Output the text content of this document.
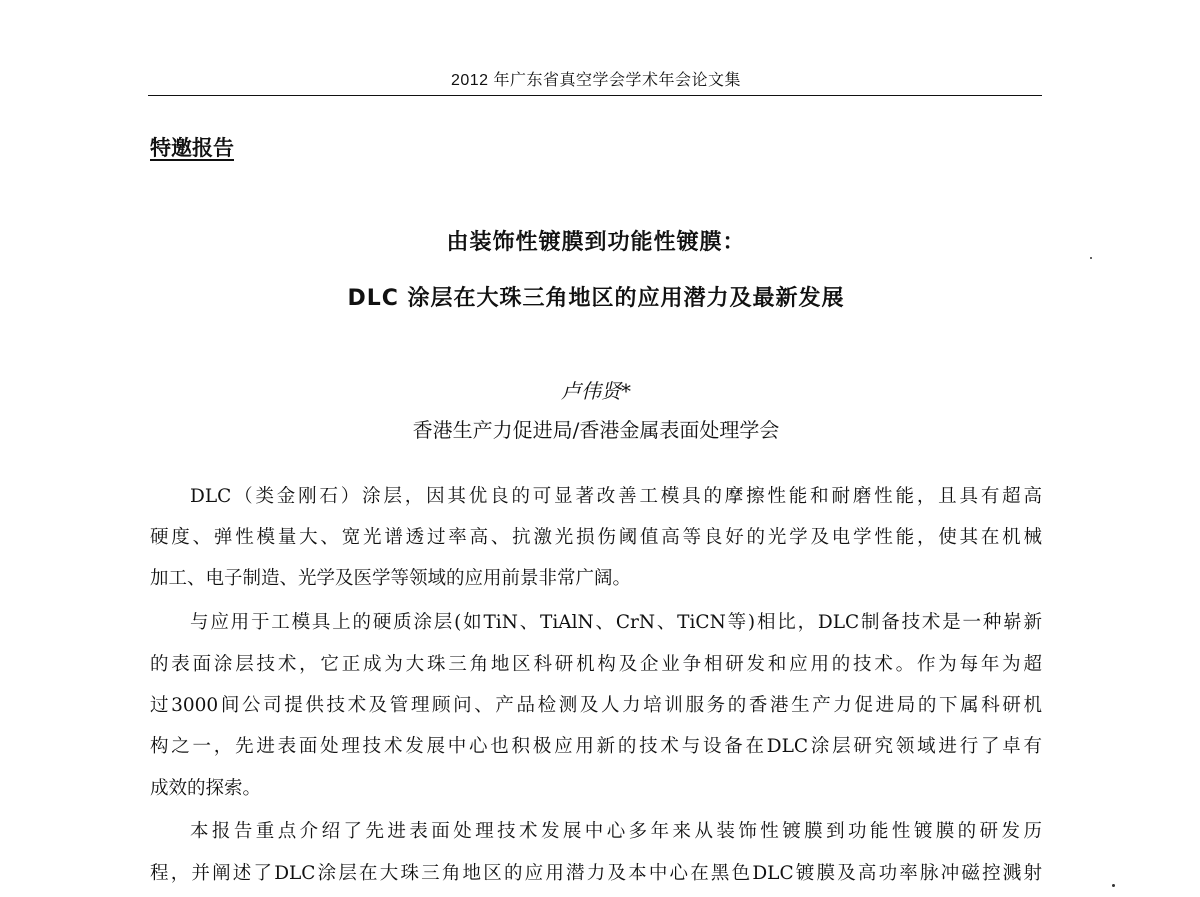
2012 年广东省真空学会学术年会论文集
特邀报告
由装饰性镀膜到功能性镀膜：
DLC 涂层在大珠三角地区的应用潜力及最新发展
卢伟贤*
香港生产力促进局/香港金属表面处理学会
DLC（类金刚石）涂层，因其优良的可显著改善工模具的摩擦性能和耐磨性能，且具有超高
硬度、弹性模量大、宽光谱透过率高、抗激光损伤阈值高等良好的光学及电学性能，使其在机械
加工、电子制造、光学及医学等领域的应用前景非常广阔。
与应用于工模具上的硬质涂层(如TiN、TiAlN、CrN、TiCN等)相比，DLC制备技术是一种崭新
的表面涂层技术，它正成为大珠三角地区科研机构及企业争相研发和应用的技术。作为每年为超
过3000间公司提供技术及管理顾问、产品检测及人力培训服务的香港生产力促进局的下属科研机
构之一，先进表面处理技术发展中心也积极应用新的技术与设备在DLC涂层研究领域进行了卓有
成效的探索。
本报告重点介绍了先进表面处理技术发展中心多年来从装饰性镀膜到功能性镀膜的研发历
程，并阐述了DLC涂层在大珠三角地区的应用潜力及本中心在黑色DLC镀膜及高功率脉冲磁控溅射
